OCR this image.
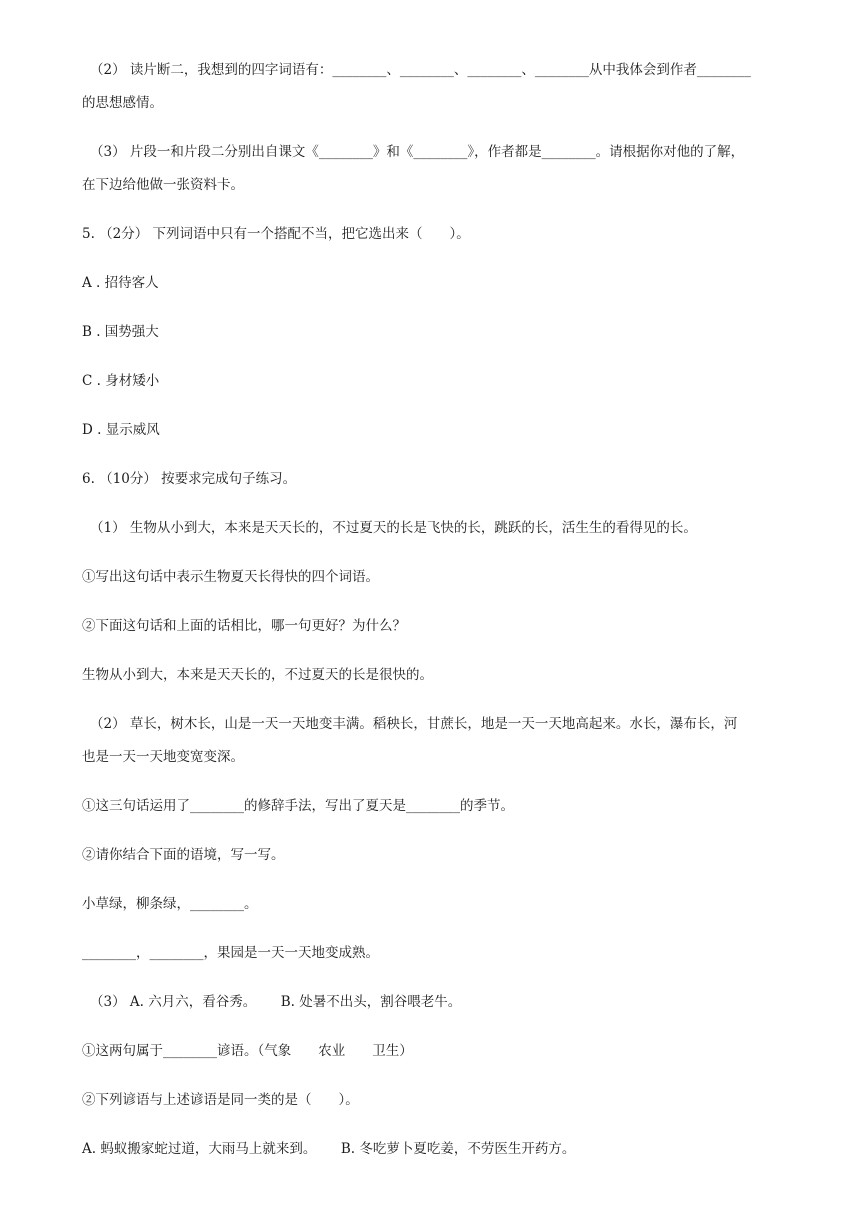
（2） 读片断二，我想到的四字词语有：________、________、________、________从中我体会到作者________
的思想感情。
（3） 片段一和片段二分别出自课文《________》和《________》，作者都是________。请根据你对他的了解，
在下边给他做一张资料卡。
5. （2分） 下列词语中只有一个搭配不当，把它选出来（　　）。
A . 招待客人
B . 国势强大
C . 身材矮小
D . 显示威风
6. （10分） 按要求完成句子练习。
（1） 生物从小到大，本来是天天长的，不过夏天的长是飞快的长，跳跃的长，活生生的看得见的长。
①写出这句话中表示生物夏天长得快的四个词语。
②下面这句话和上面的话相比，哪一句更好？为什么？
生物从小到大，本来是天天长的，不过夏天的长是很快的。
（2） 草长，树木长，山是一天一天地变丰满。稻秧长，甘蔗长，地是一天一天地高起来。水长，瀑布长，河
也是一天一天地变宽变深。
①这三句话运用了________的修辞手法，写出了夏天是________的季节。
②请你结合下面的语境，写一写。
小草绿，柳条绿，________。
________，________，果园是一天一天地变成熟。
（3） A. 六月六，看谷秀。　　 B. 处暑不出头，割谷喂老牛。
①这两句属于________谚语。（气象　　农业　　卫生）
②下列谚语与上述谚语是同一类的是（　　）。
A. 蚂蚁搬家蛇过道，大雨马上就来到。　　 B. 冬吃萝卜夏吃姜，不劳医生开药方。
